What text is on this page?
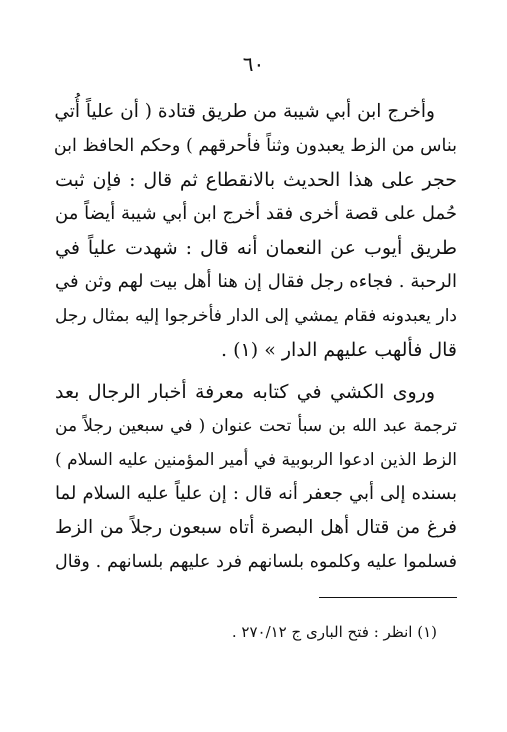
٦٠
وأخرج ابن أبي شيبة من طريق قتادة ( أن علياً أُتي
بناس من الزط يعبدون وثناً فأحرقهم ) وحكم الحافظ ابن
حجر على هذا الحديث بالانقطاع ثم قال : فإن ثبت
حُمل على قصة أخرى فقد أخرج ابن أبي شيبة أيضاً من
طريق أيوب عن النعمان أنه قال : شهدت علياً في
الرحبة . فجاءه رجل فقال إن هنا أهل بيت لهم وثن في
دار يعبدونه فقام يمشي إلى الدار فأخرجوا إليه بمثال رجل
قال فألهب عليهم الدار » (١) .
وروى الكشي في كتابه معرفة أخبار الرجال بعد
ترجمة عبد الله بن سبأ تحت عنوان ( في سبعين رجلاً من
الزط الذين ادعوا الربوبية في أمير المؤمنين عليه السلام )
بسنده إلى أبي جعفر أنه قال : إن علياً عليه السلام لما
فرغ من قتال أهل البصرة أتاه سبعون رجلاً من الزط
فسلموا عليه وكلموه بلسانهم فرد عليهم بلسانهم . وقال
(١) انظر : فتح البارى ج ٢٧٠/١٢ .
